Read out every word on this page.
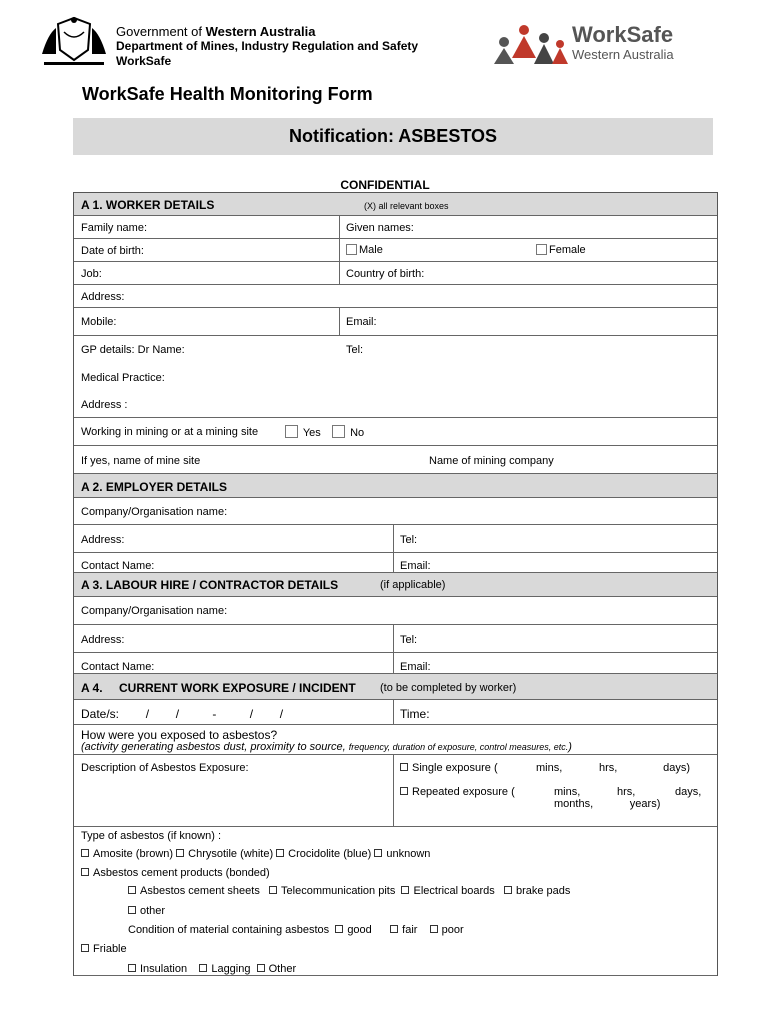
Government of Western Australia
Department of Mines, Industry Regulation and Safety
WorkSafe
WorkSafe
Western Australia
WorkSafe Health Monitoring Form
Notification: ASBESTOS
CONFIDENTIAL
A 1. WORKER DETAILS	(X) all relevant boxes
Family name:	Given names:
Date of birth:	Male	Female
Job:	Country of birth:
Address:
Mobile:	Email:
GP details: Dr Name:	Tel:
Medical Practice:
Address :
Working in mining or at a mining site	Yes	No
If yes, name of mine site	Name of mining company
A 2. EMPLOYER DETAILS
Company/Organisation name:
Address:	Tel:
Contact Name:	Email:
A 3. LABOUR HIRE / CONTRACTOR DETAILS	(if applicable)
Company/Organisation name:
Address:	Tel:
Contact Name:	Email:
A 4. CURRENT WORK EXPOSURE / INCIDENT (to be completed by worker)
Date/s:        /        /          -          /        /	Time:
How were you exposed to asbestos?
(activity generating asbestos dust, proximity to source, frequency, duration of exposure, control measures, etc.)
Description of Asbestos Exposure:	Single exposure (	mins,            hrs,               days)
Repeated exposure (	mins,            hrs,             days,
months,            years)
Type of asbestos (if known) :
Amosite (brown) Chrysotile (white) Crocidolite (blue) unknown
Asbestos cement products (bonded)
Asbestos cement sheets Telecommunication pits Electrical boards brake pads
other
Condition of material containing asbestos good	fair poor
Friable
Insulation Lagging Other
